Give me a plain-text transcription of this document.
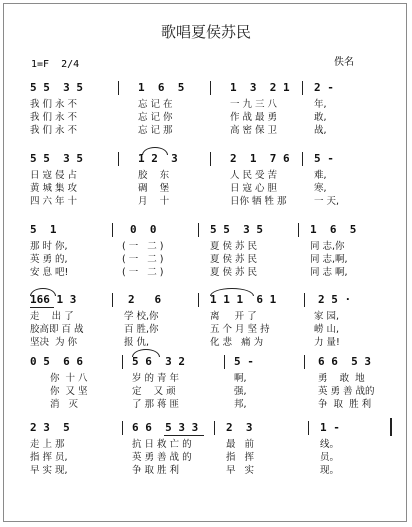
歌唱夏侯苏民
1=F  2/4	佚名
5 5  3 5	1  6  5	1  3  2 1 2 -
我 们 永 不	忘 记 在	一 九 三 八	年,
我 们 永 不	忘 记 你	作 战 最 勇	敢,
我 们 永 不	忘 记 那	高 密 保 卫	战,
5 5  3 5	1 2  3	2  1  7 6 5 -
日 寇 侵 占	胶    东	人 民 受 苦	难,
黄 城 集 攻	碉    堡	日 寇 心 胆	寒,
四 六 年 十	月    十	日你 牺 牲 那	一 天,
5  1	0  0	5 5  3 5	1  6  5
那 时 你,	( 一   二 )	夏 侯 苏 民	同 志,你
英 勇 的,	( 一   二 )	夏 侯 苏 民	同 志,啊,
安 息 吧!	( 一   二 )	夏 侯 苏 民	同 志 啊,
166 1 3	2   6	1 1 1  6 1	2 5 ·
走    出 了	学 校,你	离     开 了	家 园,
胶高即 百 战	百 胜,你	五 个 月 坚 持	崂 山,
坚决  为 你	报 仇,	化 悲   痛 为	力 量!
0 5  6 6	5 6  3 2	5 -	6 6  5 3
你  十 八	岁 的 青 年	啊,	勇    敢  地
你  又 坚	定    又 顽	强,	英 勇 善 战的
消   灭	了 那 蒋 匪	邦,	争  取  胜 利
2 3  5	6 6  5 3 3	2  3	1 -
走 上 那	抗 日 救 亡 的	最   前	线。
指 挥 员,	英 勇 善 战 的	指   挥	员。
早 实 现,	争 取 胜 利	早   实	现。
